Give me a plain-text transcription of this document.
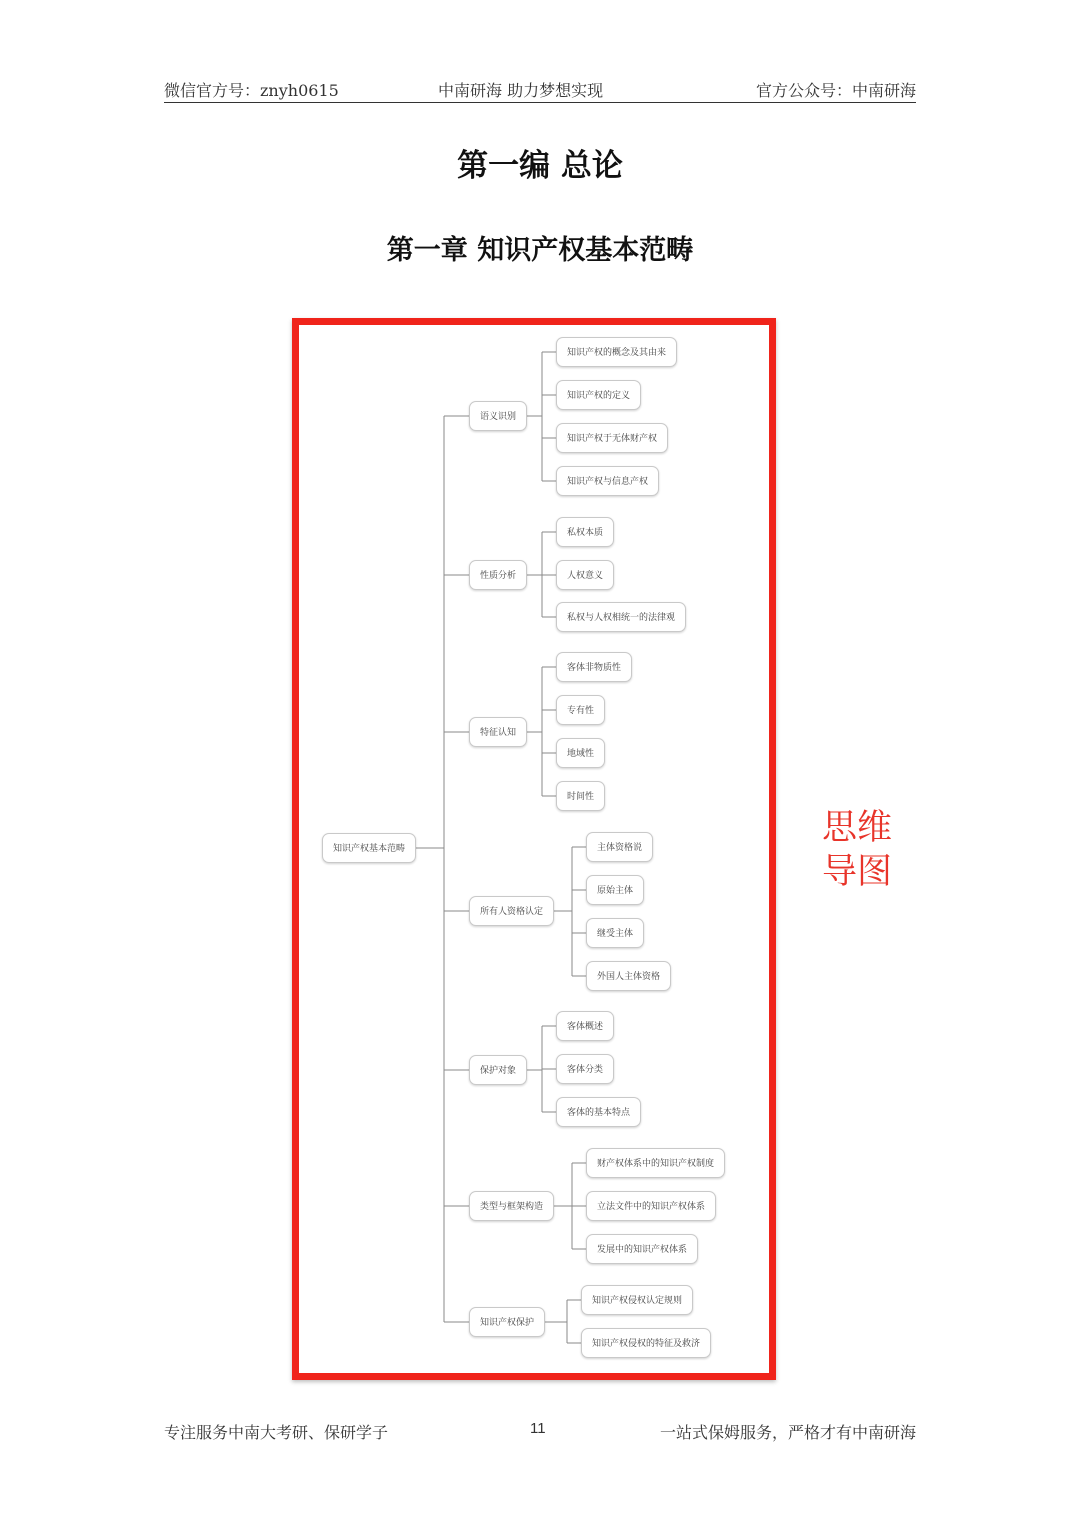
微信官方号：znyh0615	中南研海 助力梦想实现	官方公众号：中南研海
第一编 总论
第一章 知识产权基本范畴
知识产权基本范畴
语义识别
知识产权的概念及其由来
知识产权的定义
知识产权于无体财产权
知识产权与信息产权
性质分析
私权本质
人权意义
私权与人权相统一的法律观
特征认知
客体非物质性
专有性
地域性
时间性
所有人资格认定
主体资格说
原始主体
继受主体
外国人主体资格
保护对象
客体概述
客体分类
客体的基本特点
类型与框架构造
财产权体系中的知识产权制度
立法文件中的知识产权体系
发展中的知识产权体系
知识产权保护
知识产权侵权认定规则
知识产权侵权的特征及救济
思维
导图
专注服务中南大考研、保研学子	11	一站式保姆服务，严格才有中南研海
